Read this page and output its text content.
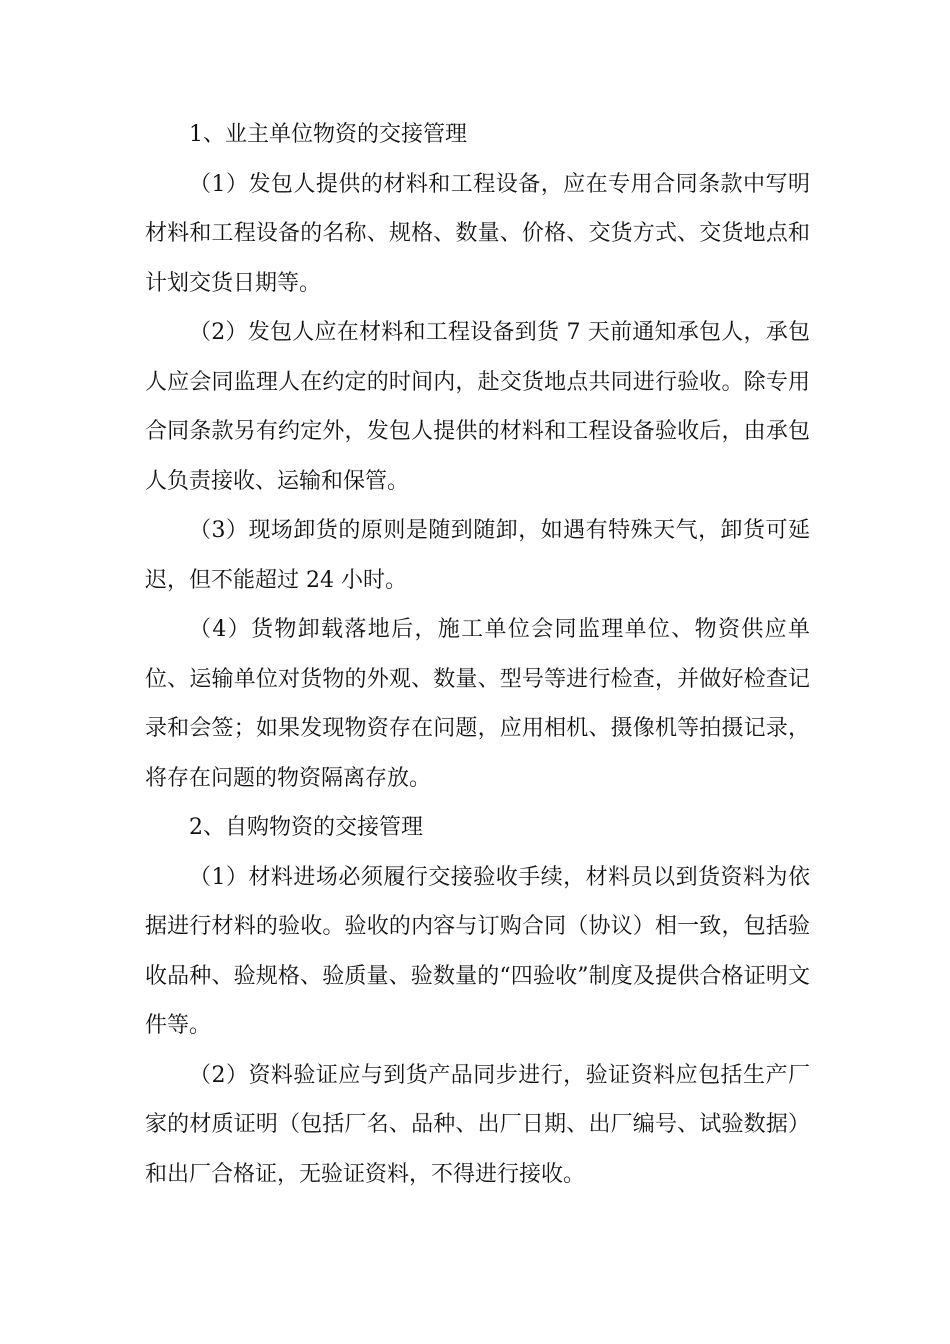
1、业主单位物资的交接管理

（1）发包人提供的材料和工程设备，应在专用合同条款中写明材料和工程设备的名称、规格、数量、价格、交货方式、交货地点和计划交货日期等。

（2）发包人应在材料和工程设备到货 7 天前通知承包人，承包人应会同监理人在约定的时间内，赴交货地点共同进行验收。除专用合同条款另有约定外，发包人提供的材料和工程设备验收后，由承包人负责接收、运输和保管。

（3）现场卸货的原则是随到随卸，如遇有特殊天气，卸货可延迟，但不能超过 24 小时。

（4）货物卸载落地后，施工单位会同监理单位、物资供应单位、运输单位对货物的外观、数量、型号等进行检查，并做好检查记录和会签；如果发现物资存在问题，应用相机、摄像机等拍摄记录，将存在问题的物资隔离存放。

2、自购物资的交接管理

（1）材料进场必须履行交接验收手续，材料员以到货资料为依据进行材料的验收。验收的内容与订购合同（协议）相一致，包括验收品种、验规格、验质量、验数量的“四验收”制度及提供合格证明文件等。

（2）资料验证应与到货产品同步进行，验证资料应包括生产厂家的材质证明（包括厂名、品种、出厂日期、出厂编号、试验数据）和出厂合格证，无验证资料，不得进行接收。
